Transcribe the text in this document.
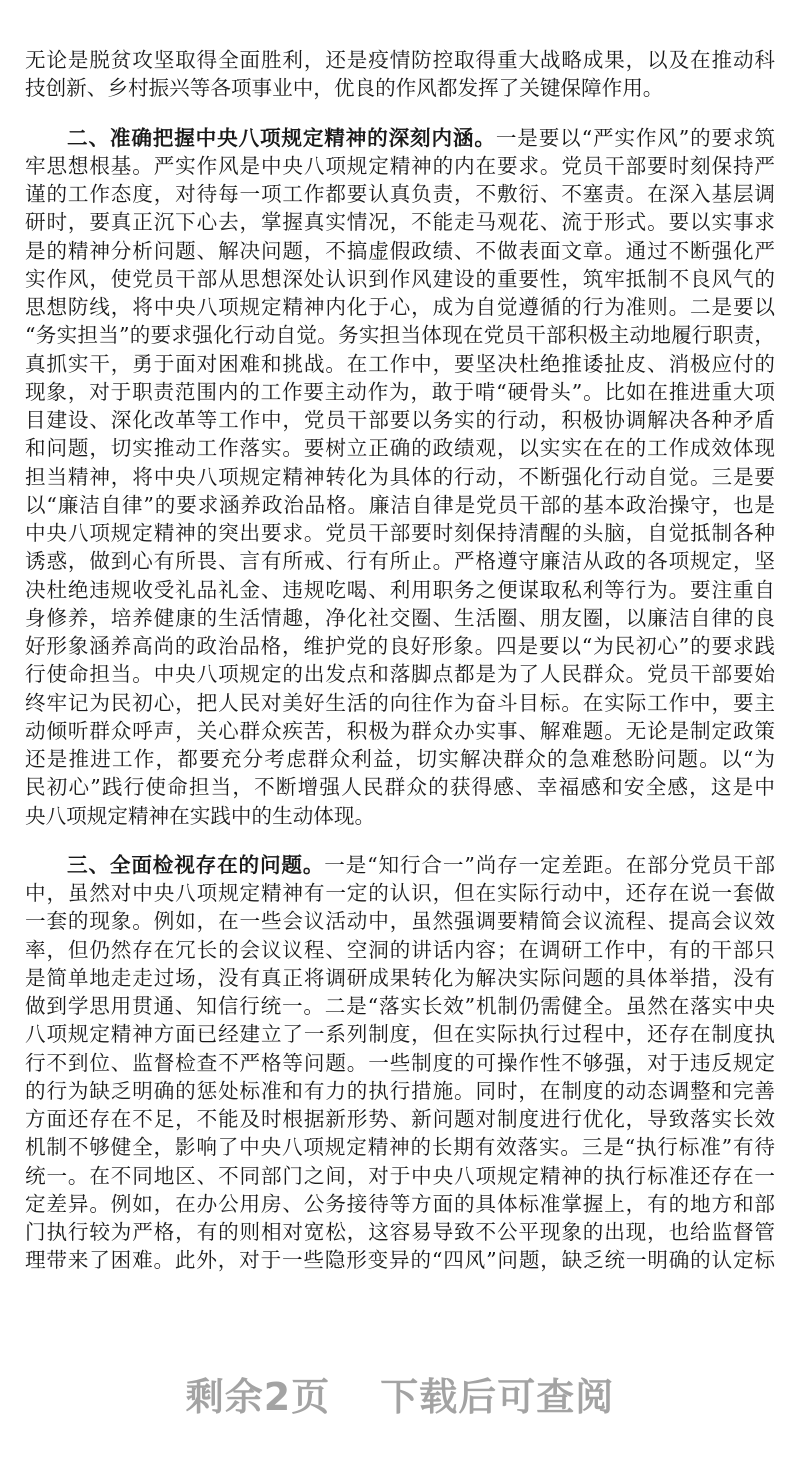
无论是脱贫攻坚取得全面胜利，还是疫情防控取得重大战略成果，以及在推动科
技创新、乡村振兴等各项事业中，优良的作风都发挥了关键保障作用。
二、准确把握中央八项规定精神的深刻内涵。一是要以“严实作风”的要求筑
牢思想根基。严实作风是中央八项规定精神的内在要求。党员干部要时刻保持严
谨的工作态度，对待每一项工作都要认真负责，不敷衍、不塞责。在深入基层调
研时，要真正沉下心去，掌握真实情况，不能走马观花、流于形式。要以实事求
是的精神分析问题、解决问题，不搞虚假政绩、不做表面文章。通过不断强化严
实作风，使党员干部从思想深处认识到作风建设的重要性，筑牢抵制不良风气的
思想防线，将中央八项规定精神内化于心，成为自觉遵循的行为准则。二是要以
“务实担当”的要求强化行动自觉。务实担当体现在党员干部积极主动地履行职责，
真抓实干，勇于面对困难和挑战。在工作中，要坚决杜绝推诿扯皮、消极应付的
现象，对于职责范围内的工作要主动作为，敢于啃“硬骨头”。比如在推进重大项
目建设、深化改革等工作中，党员干部要以务实的行动，积极协调解决各种矛盾
和问题，切实推动工作落实。要树立正确的政绩观，以实实在在的工作成效体现
担当精神，将中央八项规定精神转化为具体的行动，不断强化行动自觉。三是要
以“廉洁自律”的要求涵养政治品格。廉洁自律是党员干部的基本政治操守，也是
中央八项规定精神的突出要求。党员干部要时刻保持清醒的头脑，自觉抵制各种
诱惑，做到心有所畏、言有所戒、行有所止。严格遵守廉洁从政的各项规定，坚
决杜绝违规收受礼品礼金、违规吃喝、利用职务之便谋取私利等行为。要注重自
身修养，培养健康的生活情趣，净化社交圈、生活圈、朋友圈，以廉洁自律的良
好形象涵养高尚的政治品格，维护党的良好形象。四是要以“为民初心”的要求践
行使命担当。中央八项规定的出发点和落脚点都是为了人民群众。党员干部要始
终牢记为民初心，把人民对美好生活的向往作为奋斗目标。在实际工作中，要主
动倾听群众呼声，关心群众疾苦，积极为群众办实事、解难题。无论是制定政策
还是推进工作，都要充分考虑群众利益，切实解决群众的急难愁盼问题。以“为
民初心”践行使命担当，不断增强人民群众的获得感、幸福感和安全感，这是中
央八项规定精神在实践中的生动体现。
三、全面检视存在的问题。一是“知行合一”尚存一定差距。在部分党员干部
中，虽然对中央八项规定精神有一定的认识，但在实际行动中，还存在说一套做
一套的现象。例如，在一些会议活动中，虽然强调要精简会议流程、提高会议效
率，但仍然存在冗长的会议议程、空洞的讲话内容；在调研工作中，有的干部只
是简单地走走过场，没有真正将调研成果转化为解决实际问题的具体举措，没有
做到学思用贯通、知信行统一。二是“落实长效”机制仍需健全。虽然在落实中央
八项规定精神方面已经建立了一系列制度，但在实际执行过程中，还存在制度执
行不到位、监督检查不严格等问题。一些制度的可操作性不够强，对于违反规定
的行为缺乏明确的惩处标准和有力的执行措施。同时，在制度的动态调整和完善
方面还存在不足，不能及时根据新形势、新问题对制度进行优化，导致落实长效
机制不够健全，影响了中央八项规定精神的长期有效落实。三是“执行标准”有待
统一。在不同地区、不同部门之间，对于中央八项规定精神的执行标准还存在一
定差异。例如，在办公用房、公务接待等方面的具体标准掌握上，有的地方和部
门执行较为严格，有的则相对宽松，这容易导致不公平现象的出现，也给监督管
理带来了困难。此外，对于一些隐形变异的“四风”问题，缺乏统一明确的认定标
剩余2页 下载后可查阅
